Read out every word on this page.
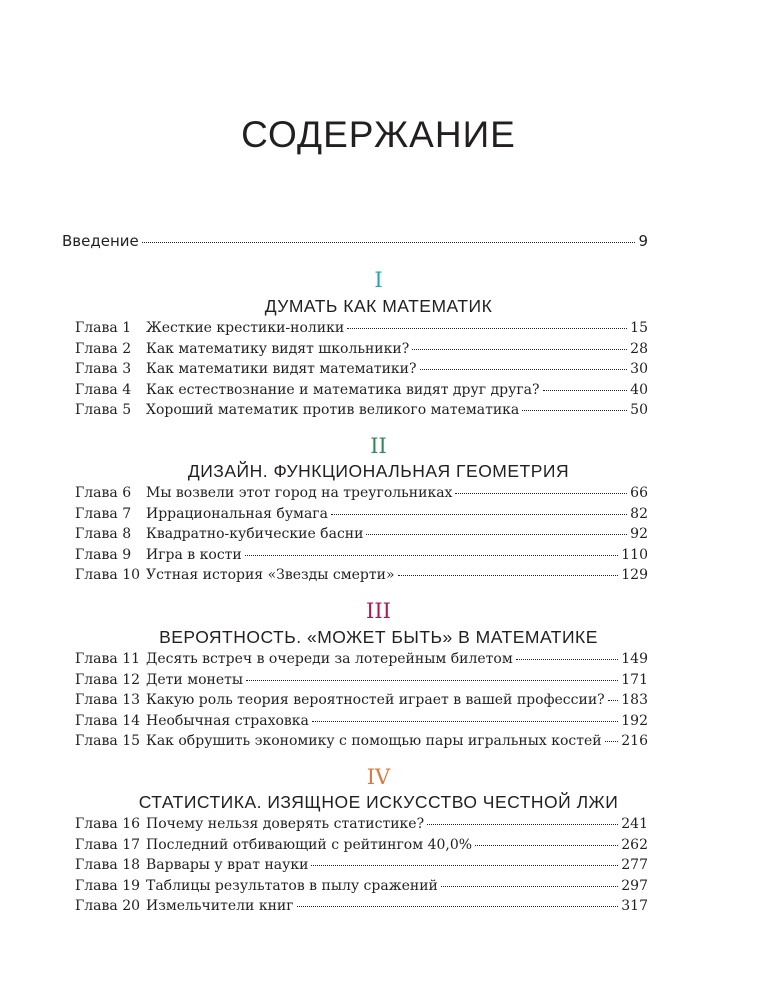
СОДЕРЖАНИЕ
Введение	9
I
ДУМАТЬ КАК МАТЕМАТИК
Глава 1	Жесткие крестики-нолики	15
Глава 2	Как математику видят школьники?	28
Глава 3	Как математики видят математики?	30
Глава 4	Как естествознание и математика видят друг друга?	40
Глава 5	Хороший математик против великого математика	50
II
ДИЗАЙН. ФУНКЦИОНАЛЬНАЯ ГЕОМЕТРИЯ
Глава 6	Мы возвели этот город на треугольниках	66
Глава 7	Иррациональная бумага	82
Глава 8	Квадратно-кубические басни	92
Глава 9	Игра в кости	110
Глава 10 Устная история «Звезды смерти»	129
III
ВЕРОЯТНОСТЬ. «МОЖЕТ БЫТЬ» В МАТЕМАТИКЕ
Глава 11 Десять встреч в очереди за лотерейным билетом	149
Глава 12 Дети монеты	171
Глава 13 Какую роль теория вероятностей играет в вашей профессии? 183
Глава 14 Необычная страховка	192
Глава 15 Как обрушить экономику с помощью пары игральных костей 216
IV
СТАТИСТИКА. ИЗЯЩНОЕ ИСКУССТВО ЧЕСТНОЙ ЛЖИ
Глава 16 Почему нельзя доверять статистике?	241
Глава 17 Последний отбивающий с рейтингом 40,0%	262
Глава 18 Варвары у врат науки	277
Глава 19 Таблицы результатов в пылу сражений	297
Глава 20 Измельчители книг	317
